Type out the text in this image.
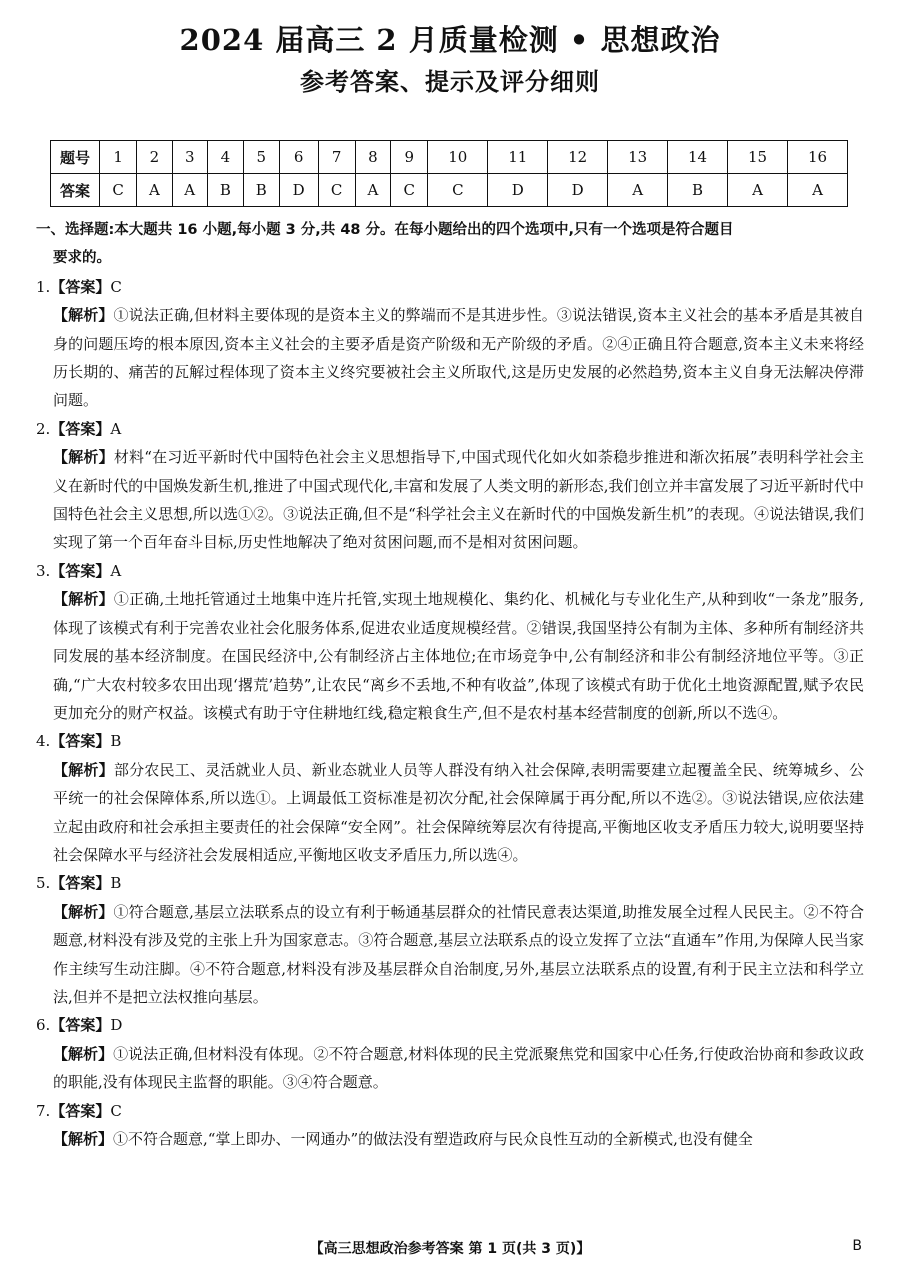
2024 届高三 2 月质量检测 • 思想政治
参考答案、提示及评分细则
题号	1	2	3	4	5	6	7	8	9	10	11	12	13	14	15	16
答案	C	A	A	B	B	D	C	A	C	C	D	D	A	B	A	A
一、选择题:本大题共 16 小题,每小题 3 分,共 48 分。在每小题给出的四个选项中,只有一个选项是符合题目
要求的。
1.【答案】C
【解析】①说法正确,但材料主要体现的是资本主义的弊端而不是其进步性。③说法错误,资本主义社会的基本矛盾是其被自身的问题压垮的根本原因,资本主义社会的主要矛盾是资产阶级和无产阶级的矛盾。②④正确且符合题意,资本主义未来将经历长期的、痛苦的瓦解过程体现了资本主义终究要被社会主义所取代,这是历史发展的必然趋势,资本主义自身无法解决停滞问题。
2.【答案】A
【解析】材料“在习近平新时代中国特色社会主义思想指导下,中国式现代化如火如荼稳步推进和渐次拓展”表明科学社会主义在新时代的中国焕发新生机,推进了中国式现代化,丰富和发展了人类文明的新形态,我们创立并丰富发展了习近平新时代中国特色社会主义思想,所以选①②。③说法正确,但不是“科学社会主义在新时代的中国焕发新生机”的表现。④说法错误,我们实现了第一个百年奋斗目标,历史性地解决了绝对贫困问题,而不是相对贫困问题。
3.【答案】A
【解析】①正确,土地托管通过土地集中连片托管,实现土地规模化、集约化、机械化与专业化生产,从种到收“一条龙”服务,体现了该模式有利于完善农业社会化服务体系,促进农业适度规模经营。②错误,我国坚持公有制为主体、多种所有制经济共同发展的基本经济制度。在国民经济中,公有制经济占主体地位;在市场竞争中,公有制经济和非公有制经济地位平等。③正确,“广大农村较多农田出现‘撂荒’趋势”,让农民“离乡不丢地,不种有收益”,体现了该模式有助于优化土地资源配置,赋予农民更加充分的财产权益。该模式有助于守住耕地红线,稳定粮食生产,但不是农村基本经营制度的创新,所以不选④。
4.【答案】B
【解析】部分农民工、灵活就业人员、新业态就业人员等人群没有纳入社会保障,表明需要建立起覆盖全民、统筹城乡、公平统一的社会保障体系,所以选①。上调最低工资标准是初次分配,社会保障属于再分配,所以不选②。③说法错误,应依法建立起由政府和社会承担主要责任的社会保障“安全网”。社会保障统筹层次有待提高,平衡地区收支矛盾压力较大,说明要坚持社会保障水平与经济社会发展相适应,平衡地区收支矛盾压力,所以选④。
5.【答案】B
【解析】①符合题意,基层立法联系点的设立有利于畅通基层群众的社情民意表达渠道,助推发展全过程人民民主。②不符合题意,材料没有涉及党的主张上升为国家意志。③符合题意,基层立法联系点的设立发挥了立法“直通车”作用,为保障人民当家作主续写生动注脚。④不符合题意,材料没有涉及基层群众自治制度,另外,基层立法联系点的设置,有利于民主立法和科学立法,但并不是把立法权推向基层。
6.【答案】D
【解析】①说法正确,但材料没有体现。②不符合题意,材料体现的民主党派聚焦党和国家中心任务,行使政治协商和参政议政的职能,没有体现民主监督的职能。③④符合题意。
7.【答案】C
【解析】①不符合题意,“掌上即办、一网通办”的做法没有塑造政府与民众良性互动的全新模式,也没有健全
【高三思想政治参考答案 第 1 页(共 3 页)】	B
